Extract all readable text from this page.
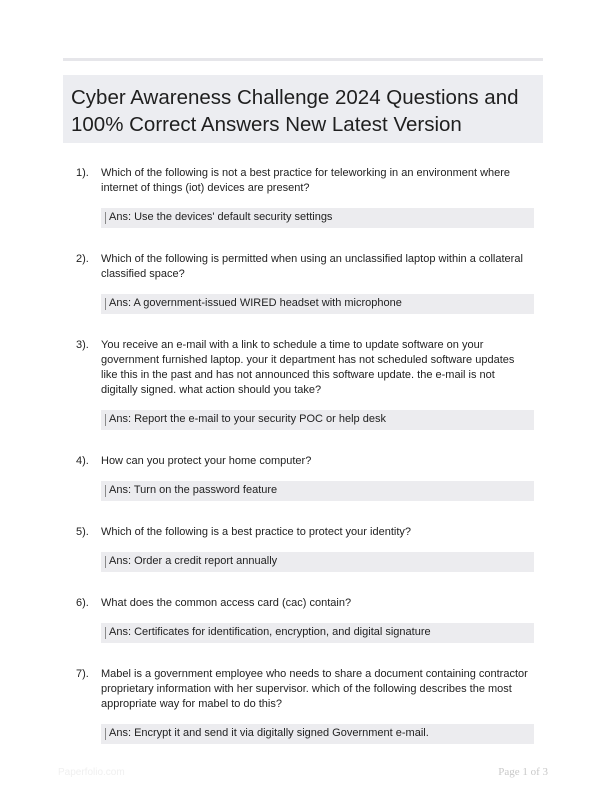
Cyber Awareness Challenge 2024 Questions and 100% Correct Answers New Latest Version
1).	Which of the following is not a best practice for teleworking in an environment where internet of things (iot) devices are present?
Ans: Use the devices' default security settings
2).	Which of the following is permitted when using an unclassified laptop within a collateral classified space?
Ans: A government-issued WIRED headset with microphone
3).	You receive an e-mail with a link to schedule a time to update software on your government furnished laptop. your it department has not scheduled software updates like this in the past and has not announced this software update. the e-mail is not digitally signed. what action should you take?
Ans: Report the e-mail to your security POC or help desk
4).	How can you protect your home computer?
Ans: Turn on the password feature
5).	Which of the following is a best practice to protect your identity?
Ans: Order a credit report annually
6).	What does the common access card (cac) contain?
Ans: Certificates for identification, encryption, and digital signature
7).	Mabel is a government employee who needs to share a document containing contractor proprietary information with her supervisor. which of the following describes the most appropriate way for mabel to do this?
Ans: Encrypt it and send it via digitally signed Government e-mail.
Paperfolio.com	Page 1 of 3
